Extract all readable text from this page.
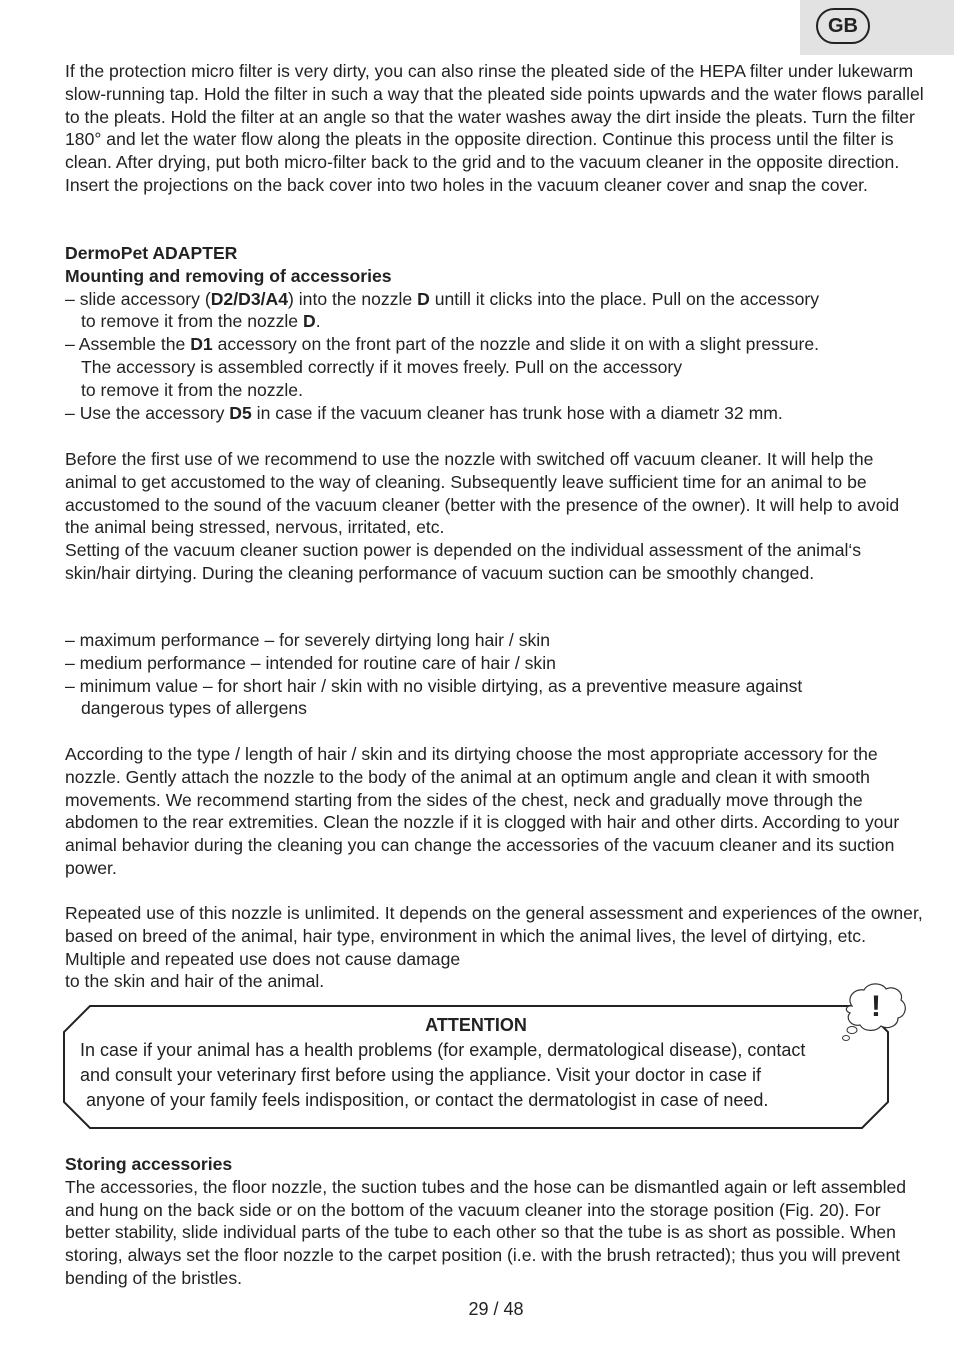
GB

If the protection micro filter is very dirty, you can also rinse the pleated side of the HEPA filter under lukewarm slow-running tap. Hold the filter in such a way that the pleated side points upwards and the water flows parallel to the pleats. Hold the filter at an angle so that the water washes away the dirt inside the pleats. Turn the filter 180° and let the water flow along the pleats in the opposite direction. Continue this process until the filter is clean. After drying, put both micro-filter back to the grid and to the vacuum cleaner in the opposite direction. Insert the projections on the back cover into two holes in the vacuum cleaner cover and snap the cover.

DermoPet ADAPTER
Mounting and removing of accessories
– slide accessory (D2/D3/A4) into the nozzle D untill it clicks into the place. Pull on the accessory
to remove it from the nozzle D.
– Assemble the D1 accessory on the front part of the nozzle and slide it on with a slight pressure.
The accessory is assembled correctly if it moves freely. Pull on the accessory
to remove it from the nozzle.
– Use the accessory D5 in case if the vacuum cleaner has trunk hose with a diametr 32 mm.

Before the first use of we recommend to use the nozzle with switched off vacuum cleaner. It will help the animal to get accustomed to the way of cleaning. Subsequently leave sufficient time for an animal to be accustomed to the sound of the vacuum cleaner (better with the presence of the owner). It will help to avoid the animal being stressed, nervous, irritated, etc.

Setting of the vacuum cleaner suction power is depended on the individual assessment of the animal‘s skin/hair dirtying. During the cleaning performance of vacuum suction can be smoothly changed.

– maximum performance – for severely dirtying long hair / skin
– medium performance – intended for routine care of hair / skin
– minimum value – for short hair / skin with no visible dirtying, as a preventive measure against
dangerous types of allergens

According to the type / length of hair / skin and its dirtying choose the most appropriate accessory for the nozzle. Gently attach the nozzle to the body of the animal at an optimum angle and clean it with smooth movements. We recommend starting from the sides of the chest, neck and gradually move through the abdomen to the rear extremities. Clean the nozzle if it is clogged with hair and other dirts. According to your animal behavior during the cleaning you can change the accessories of the vacuum cleaner and its suction power.

Repeated use of this nozzle is unlimited. It depends on the general assessment and experiences of the owner, based on breed of the animal, hair type, environment in which the animal lives, the level of dirtying, etc. Multiple and repeated use does not cause damage

to the skin and hair of the animal.

ATTENTION
In case if your animal has a health problems (for example, dermatological disease), contact
and consult your veterinary first before using the appliance. Visit your doctor in case if
anyone of your family feels indisposition, or contact the dermatologist in case of need.
!
Storing accessories

The accessories, the floor nozzle, the suction tubes and the hose can be dismantled again or left assembled and hung on the back side or on the bottom of the vacuum cleaner into the storage position (Fig. 20). For better stability, slide individual parts of the tube to each other so that the tube is as short as possible. When storing, always set the floor nozzle to the carpet position (i.e. with the brush retracted); thus you will prevent bending of the bristles.

29 / 48
